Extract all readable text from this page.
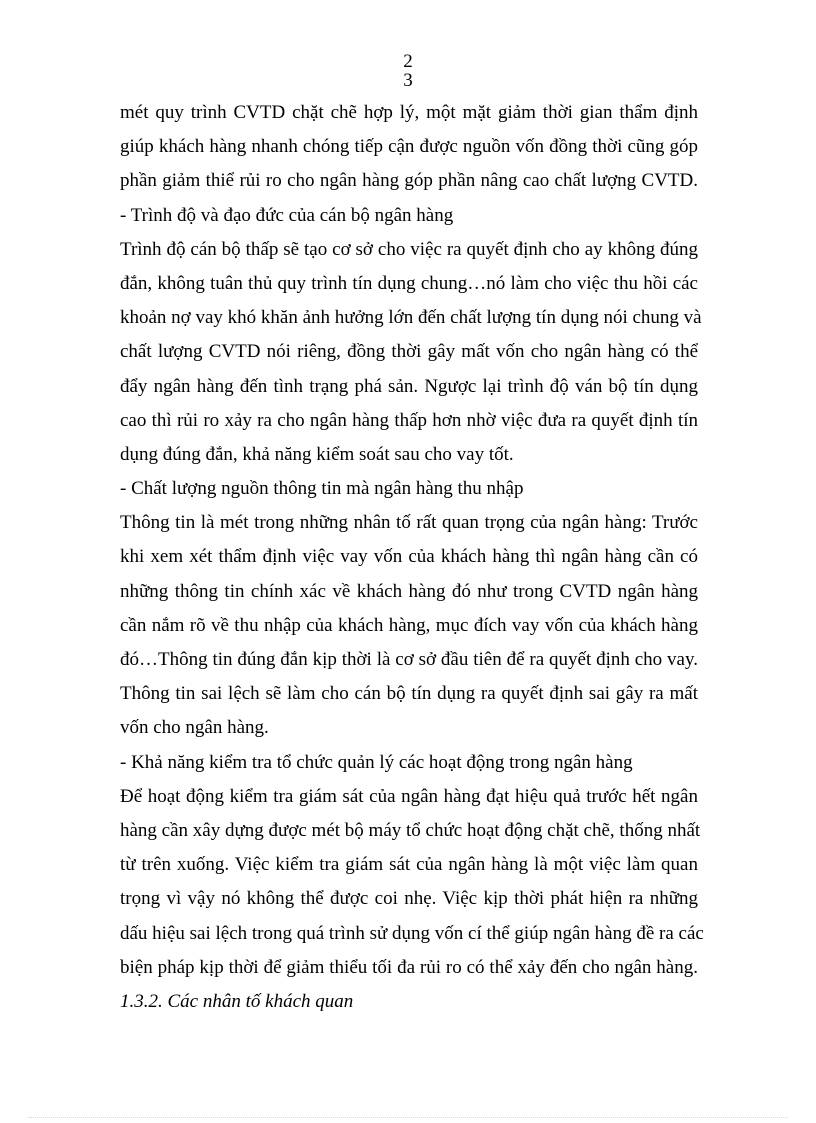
2
3
mét quy trình CVTD chặt chẽ hợp lý, một mặt giảm thời gian thẩm định
giúp khách hàng nhanh chóng tiếp cận được nguồn vốn đồng thời cũng góp
phần giảm thiể rủi ro cho ngân hàng góp phần nâng cao chất lượng CVTD.
- Trình độ và đạo đức của cán bộ ngân hàng
Trình độ cán bộ thấp sẽ tạo cơ sở cho việc ra quyết định cho ay không đúng
đắn, không tuân thủ quy trình tín dụng chung…nó làm cho việc thu hồi các
khoản nợ vay khó khăn ảnh hưởng lớn đến chất lượng tín dụng nói chung và
chất lượng CVTD nói riêng, đồng thời gây mất vốn cho ngân hàng có thể
đẩy ngân hàng đến tình trạng phá sản. Ngược lại trình độ ván bộ tín dụng
cao thì rủi ro xảy ra cho ngân hàng thấp hơn nhờ việc đưa ra quyết định tín
dụng đúng đắn, khả năng kiểm soát sau cho vay tốt.
- Chất lượng nguồn thông tin mà ngân hàng thu nhập
Thông tin là mét trong những nhân tố rất quan trọng của ngân hàng: Trước
khi xem xét thẩm định việc vay vốn của khách hàng thì ngân hàng cần có
những thông tin chính xác về khách hàng đó như trong CVTD ngân hàng
cần nắm rõ về thu nhập của khách hàng, mục đích vay vốn của khách hàng
đó…Thông tin đúng đắn kịp thời là cơ sở đầu tiên để ra quyết định cho vay.
Thông tin sai lệch sẽ làm cho cán bộ tín dụng ra quyết định sai gây ra mất
vốn cho ngân hàng.
- Khả năng kiểm tra tổ chức quản lý các hoạt động trong ngân hàng
Để hoạt động kiểm tra giám sát của ngân hàng đạt hiệu quả trước hết ngân
hàng cần xây dựng được mét bộ máy tổ chức hoạt động chặt chẽ, thống nhất
từ trên xuống. Việc kiểm tra giám sát của ngân hàng là một việc làm quan
trọng vì vậy nó không thể được coi nhẹ. Việc kịp thời phát hiện ra những
dấu hiệu sai lệch trong quá trình sử dụng vốn cí thể giúp ngân hàng đề ra các
biện pháp kịp thời để giảm thiểu tối đa rủi ro có thể xảy đến cho ngân hàng.
1.3.2. Các nhân tố khách quan
